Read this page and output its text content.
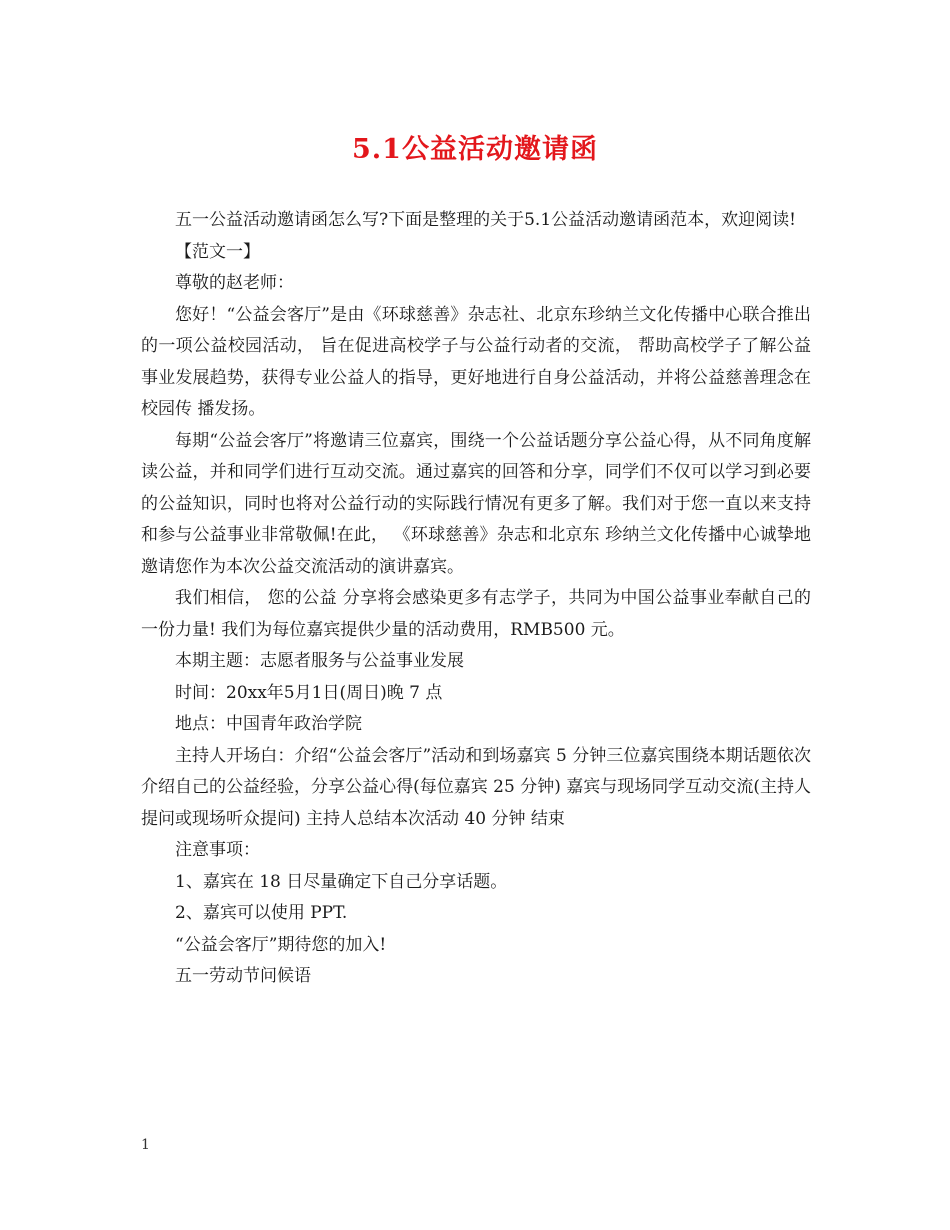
5.1公益活动邀请函

五一公益活动邀请函怎么写?下面是整理的关于5.1公益活动邀请函范本，欢迎阅读!

【范文一】

尊敬的赵老师：

您好！“公益会客厅”是由《环球慈善》杂志社、北京东珍纳兰文化传播中心联合推出 的一项公益校园活动， 旨在促进高校学子与公益行动者的交流， 帮助高校学子了解公益事业发展趋势，获得专业公益人的指导，更好地进行自身公益活动，并将公益慈善理念在校园传 播发扬。

每期“公益会客厅”将邀请三位嘉宾，围绕一个公益话题分享公益心得，从不同角度解读公益，并和同学们进行互动交流。通过嘉宾的回答和分享，同学们不仅可以学习到必要的公益知识，同时也将对公益行动的实际践行情况有更多了解。我们对于您一直以来支持和参与公益事业非常敬佩!在此， 《环球慈善》杂志和北京东 珍纳兰文化传播中心诚挚地邀请您作为本次公益交流活动的演讲嘉宾。

我们相信， 您的公益 分享将会感染更多有志学子，共同为中国公益事业奉献自己的一份力量! 我们为每位嘉宾提供少量的活动费用，RMB500 元。

本期主题：志愿者服务与公益事业发展

时间：20xx年5月1日(周日)晚 7 点

地点：中国青年政治学院

主持人开场白：介绍“公益会客厅”活动和到场嘉宾 5 分钟三位嘉宾围绕本期话题依次介绍自己的公益经验，分享公益心得(每位嘉宾 25 分钟) 嘉宾与现场同学互动交流(主持人提问或现场听众提问) 主持人总结本次活动 40 分钟 结束

注意事项：

1、嘉宾在 18 日尽量确定下自己分享话题。

2、嘉宾可以使用 PPT.

“公益会客厅”期待您的加入!

五一劳动节问候语

1
